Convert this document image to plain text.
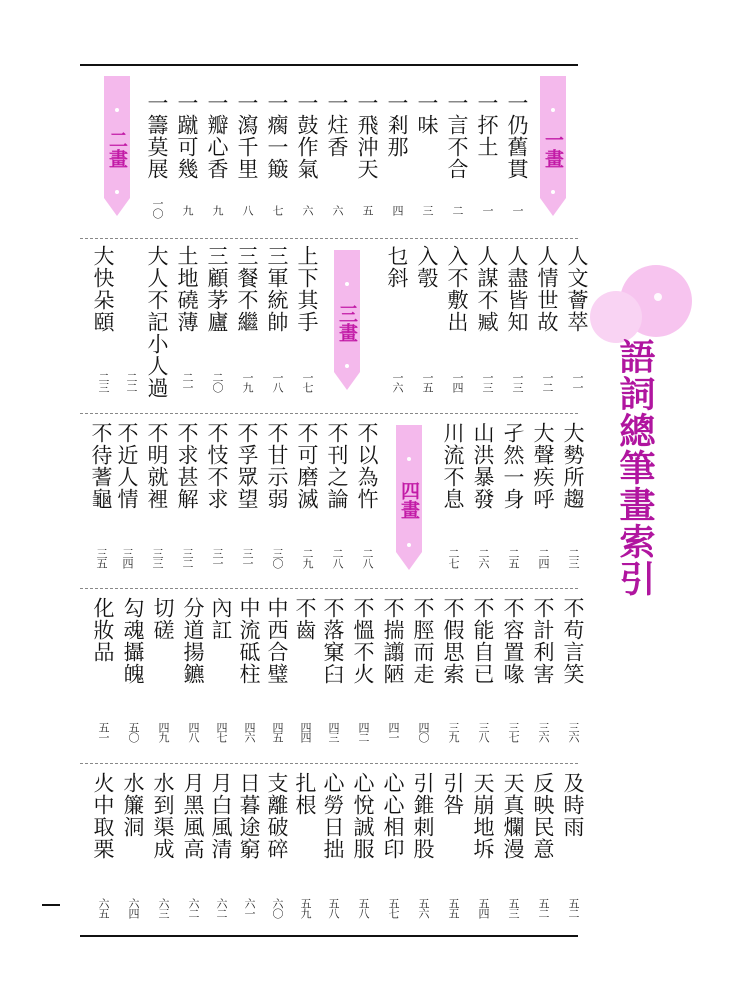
一畫
一仍舊貫
一
一抔土
一
一言不合
二
一味
三
一剎那
四
一飛沖天
五
一炷香
六
一鼓作氣
六
一瘸一簸
七
一瀉千里
八
一瓣心香
九
一蹴可幾
九
一籌莫展
一〇
二畫
人文薈萃
一一
人情世故
一二
人盡皆知
一三
人謀不臧
一三
入不敷出
一四
入彀
一五
乜斜
一六
三畫
上下其手
一七
三軍統帥
一八
三餐不繼
一九
三顧茅廬
二〇
土地磽薄
二一
大人不記小人過
二二
大快朵頤
二三
大勢所趨
二三
大聲疾呼
二四
孑然一身
二五
山洪暴發
二六
川流不息
二七
四畫
不以為忤
二八
不刊之論
二八
不可磨滅
二九
不甘示弱
三〇
不孚眾望
三一
不忮不求
三一
不求甚解
三二
不明就裡
三三
不近人情
三四
不待蓍龜
三五
不苟言笑
三六
不計利害
三六
不容置喙
三七
不能自已
三八
不假思索
三九
不脛而走
四〇
不揣譾陋
四一
不慍不火
四二
不落窠臼
四三
不齒
四四
中西合璧
四五
中流砥柱
四六
內訌
四七
分道揚鑣
四八
切磋
四九
勾魂攝魄
五〇
化妝品
五一
及時雨
五二
反映民意
五二
天真爛漫
五三
天崩地坼
五四
引咎
五五
引錐刺股
五六
心心相印
五七
心悅誠服
五八
心勞日拙
五八
扎根
五九
支離破碎
六〇
日暮途窮
六一
月白風清
六二
月黑風高
六二
水到渠成
六三
水簾洞
六四
火中取栗
六五
語詞總筆畫索引
